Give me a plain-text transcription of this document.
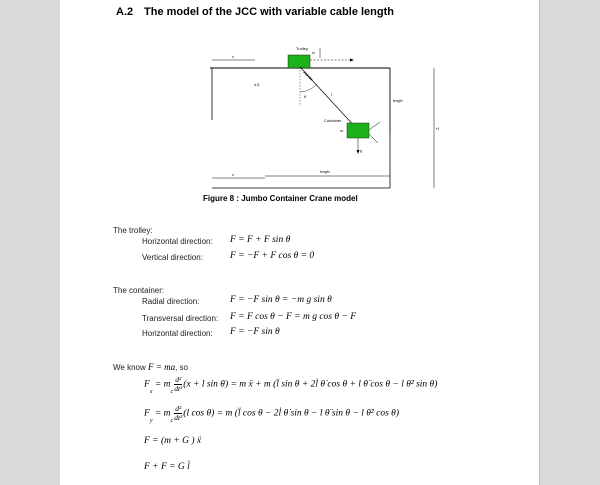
A.2 The model of the JCC with variable cable length
x
H
length
length
x
d,l1
Trolley
m
θ	l
Container
m
g
Figure 8 : Jumbo Container Crane model
The trolley:
Horizontal direction: F = F + F sin θ
Vertical direction:	F = −F + F cos θ = 0
The container:
Radial direction:	F = −F sin θ = −m g sin θ
Transversal direction: F = F cos θ − F = m g cos θ − F
Horizontal direction: F = −F sin θ
We know F = ma, so
$F_x = m_c \frac{\text{d²}}{\text{dt²}} (x + l$ sin θ) = m ẍ + m (l̈ sin θ + 2l̇ θ̇ cos θ + l θ̈ cos θ − l θ̇² sin θ)
$F_y = m_c \frac{\text{d²}}{\text{dt²}} (l$ cos θ) = m (l̈ cos θ − 2l̇ θ̇ sin θ − l θ̈ sin θ − l θ̇² cos θ)
F = (m + G ) ẍ
F + F = G l̈
